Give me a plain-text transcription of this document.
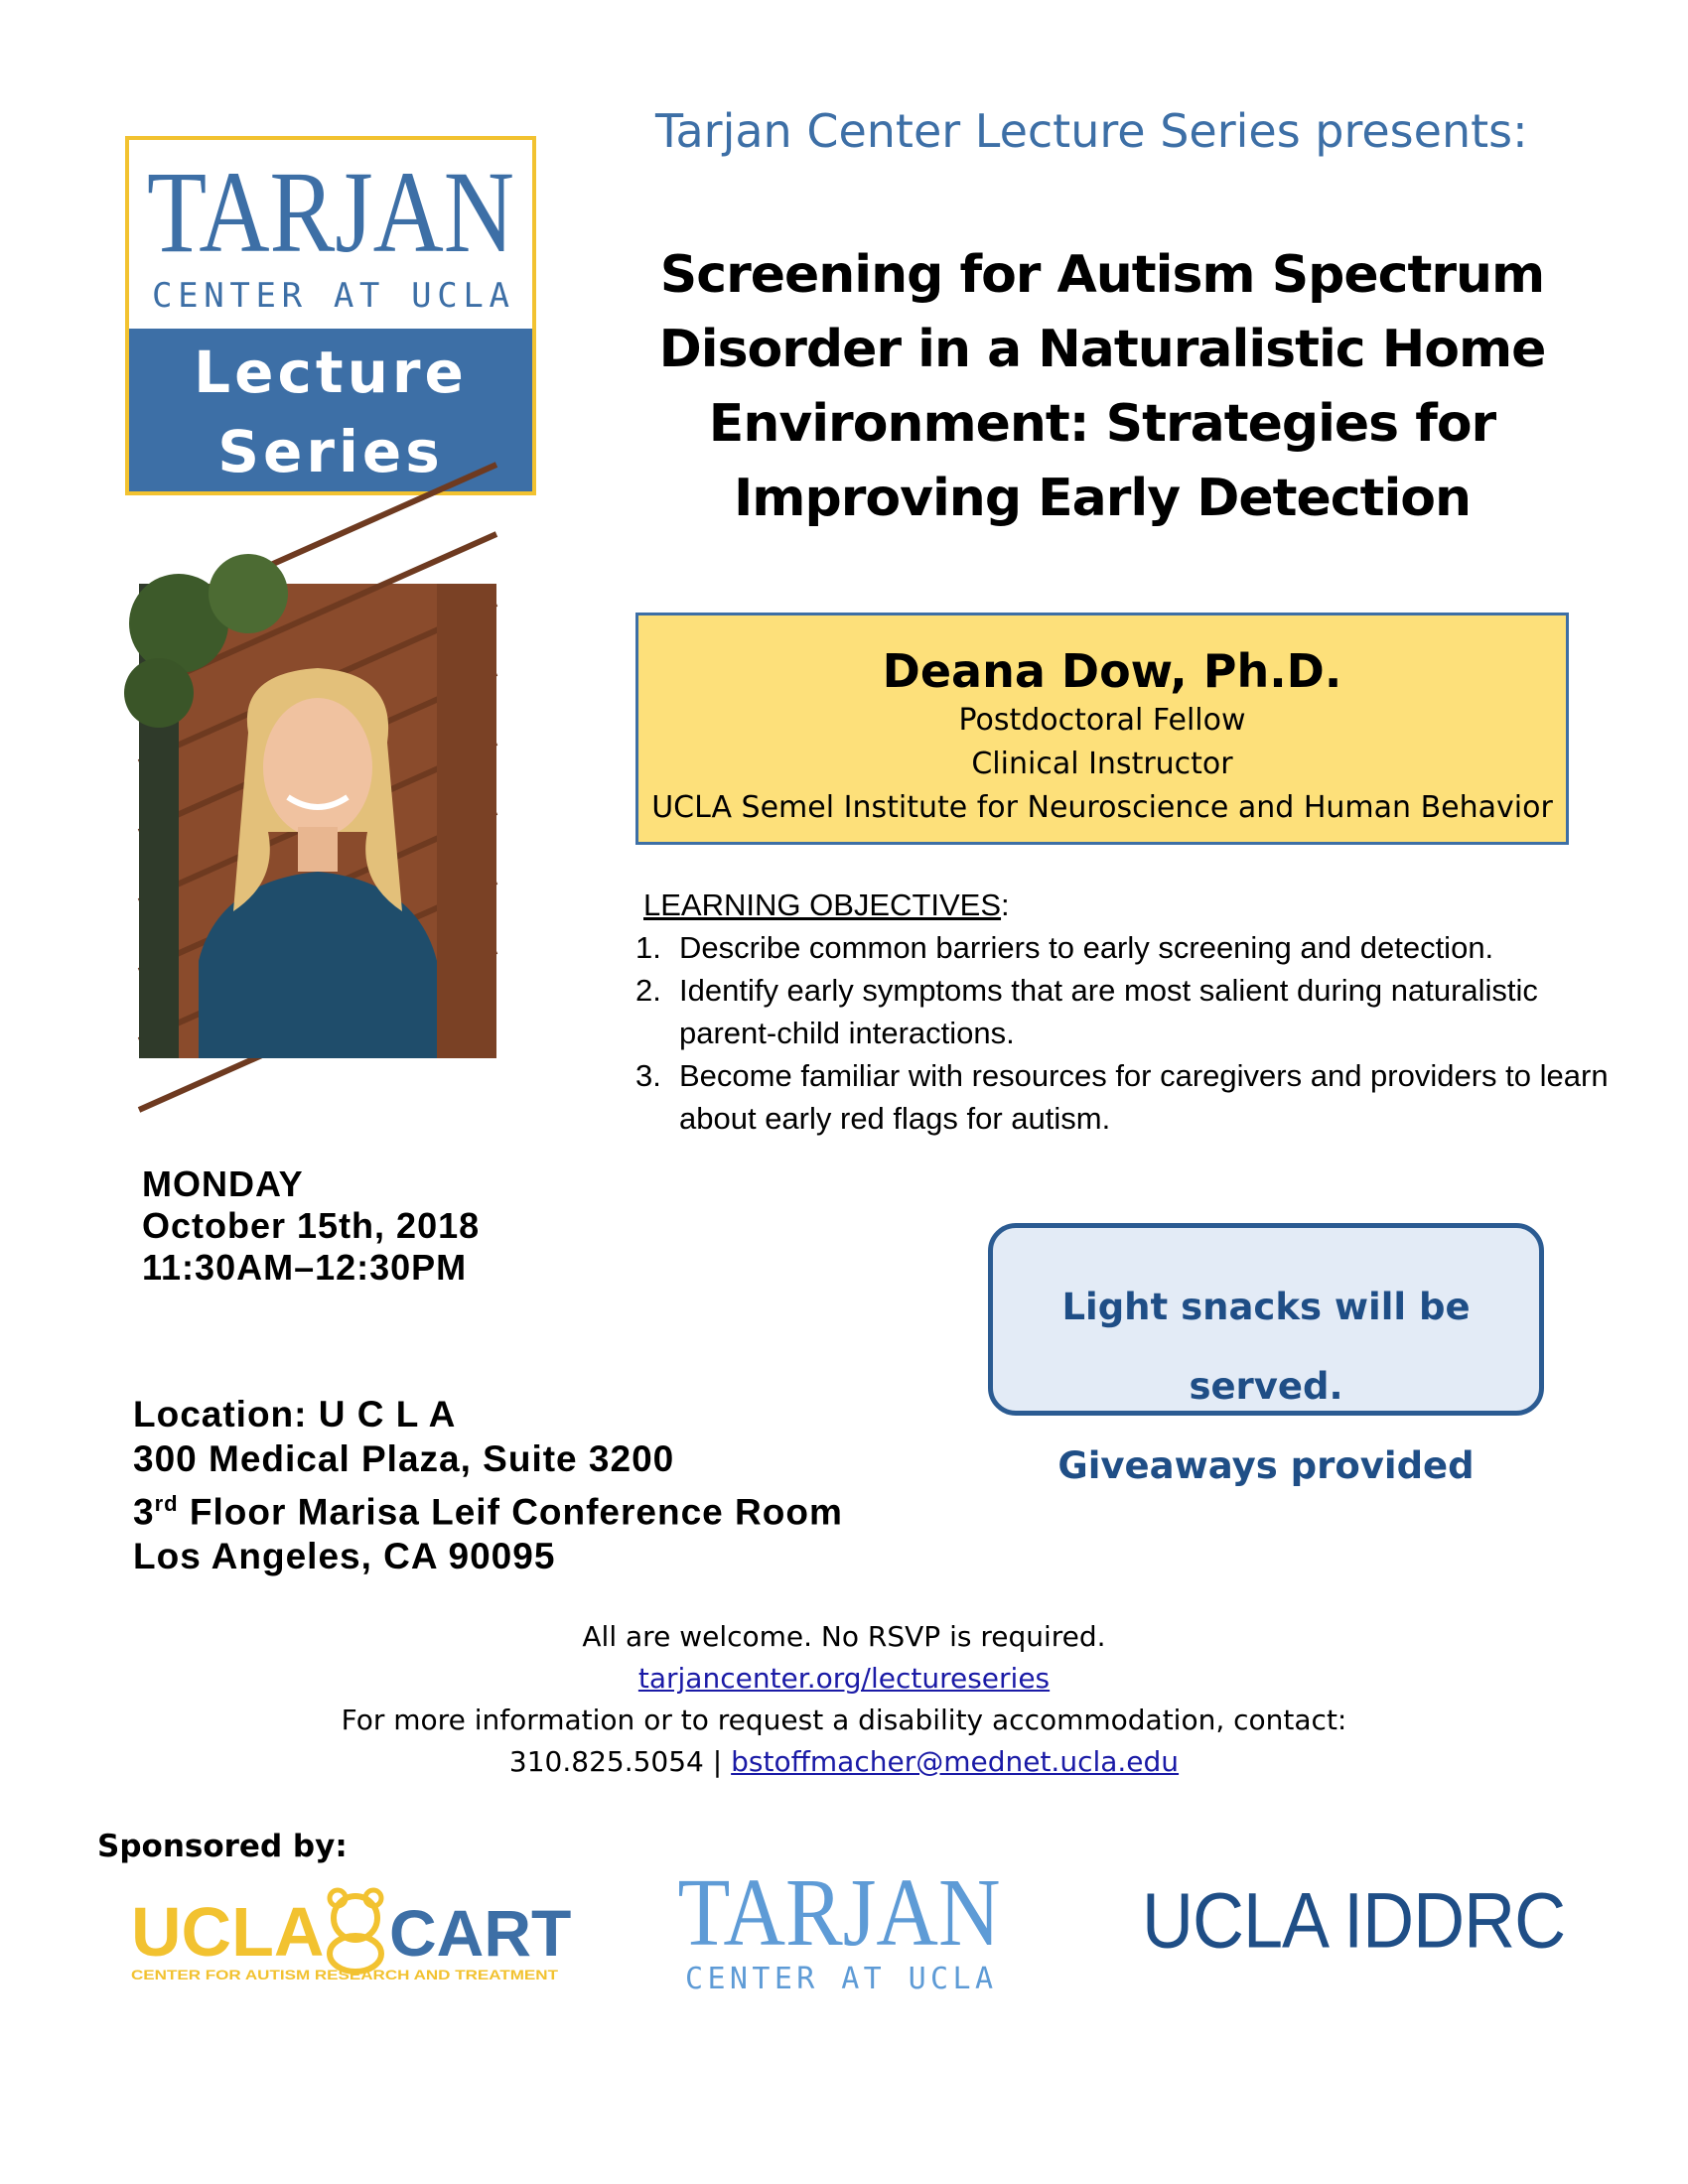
TARJAN
CENTER AT UCLA
Lecture
Series
Tarjan Center Lecture Series presents:
Screening for Autism Spectrum
Disorder in a Naturalistic Home
Environment: Strategies for
Improving Early Detection
Deana Dow, Ph.D.
Postdoctoral Fellow
Clinical Instructor
UCLA Semel Institute for Neuroscience and Human Behavior
LEARNING OBJECTIVES:
1. Describe common barriers to early screening and detection.
2. Identify early symptoms that are most salient during naturalistic parent-child interactions.
3. Become familiar with resources for caregivers and providers to learn about early red flags for autism.
MONDAY
October 15th, 2018
11:30AM–12:30PM
Light snacks will be served.
Giveaways provided
Location: U C L A
300 Medical Plaza, Suite 3200
3rd Floor Marisa Leif Conference Room
Los Angeles, CA 90095
All are welcome. No RSVP is required.
tarjancenter.org/lectureseries
For more information or to request a disability accommodation, contact:
310.825.5054 | bstoffmacher@mednet.ucla.edu
Sponsored by:
UCLA CART
CENTER FOR AUTISM RESEARCH AND TREATMENT
TARJAN
CENTER AT UCLA
UCLA IDDRC
